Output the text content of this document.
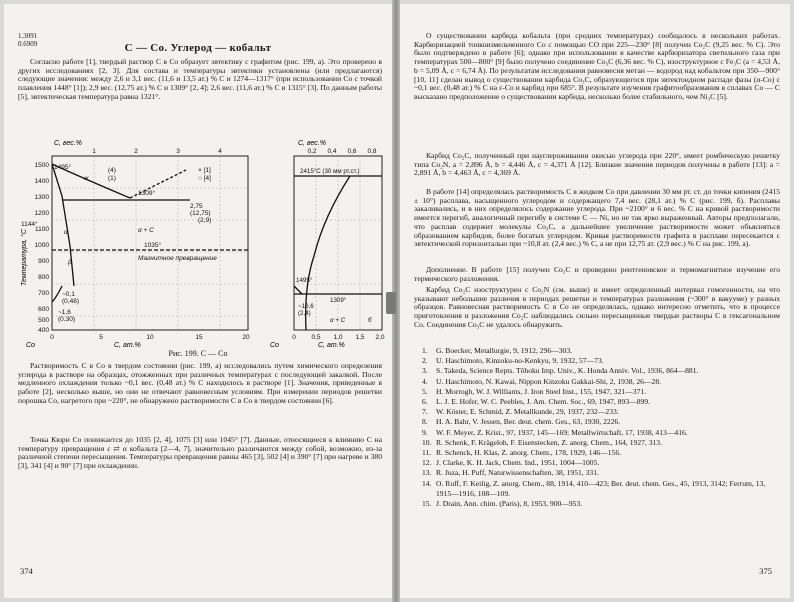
1.3091
0.6909	С — Со. Углерод — кобальт

Согласно работе [1], твердый раствор С в Со образует эвтектику с графитом (рис. 199, а). Это проверено в других исследованиях [2, 3]. Для состава и температуры эвтектики установлены (или предлагаются) следующие значения: между 2,6 и 3,1 вес. (11,6 и 13,5 ат.) % С и 1274—1317° (при использовании Со с точкой плавления 1448° [1]); 2,9 вес. (12,75 ат.) % С и 1309° [2, 4]; 2,6 вес. (11,6 ат.) % С и 1315° [3]. По данным работы [5], эвтектическая температура равна 1321°.

1500
1400
1300
1200
1100
1000
900
800
700
600
500
400
0	5	10	15	20
1	2	3	4
С, вес.%
С, ат.%
Со
Температура, °С
1495°
1309°
1144°
1035°
Магнитное превращение
2,75
(12,75)
(2,9)
α	α + C
~0,1
(0,48)
~1,6
(0,30)
(4)
(1)
β
ж
× [1]
○ [4]
0 0,5 1,0 1,5 2,0
0,2 0,4 0,6 0,8
С, вес.%
С, ат.%
Со
2415°С (30 мм рт.ст.)
1495°
1309°
~10,6
(2,4)
α + C	б
Рис. 199. С — Со

Растворимость С в Со в твердом состоянии (рис. 199, а) исследовались путем химического определения углерода в растворе на образцах, отожженных при различных температурах с последующей закалкой. После медленного охлаждения только ~0,1 вес. (0,48 ат.) % С находилось в растворе [1]. Значения, приведенные в работе [2], несколько выше, но они не отвечают равновесным условиям. При измерении периодов решетки порошка Со, нагретого при ~220°, не обнаружено растворимости С в Со в твердом состоянии [6].

Точка Кюри Со понижается до 1035 [2, 4], 1075 [3] или 1045° [7]. Данные, относящиеся к влиянию С на температуру превращения ε ⇄ α кобальта [2—4, 7], значительно различаются между собой, возможно, из-за различной степени пересыщения. Температуры превращения равны 465 [3], 502 [4] и 390° [7] при нагреве и 380 [3], 341 [4] и 90° [7] при охлаждении.

374

О существовании карбида кобальта (при средних температурах) сообщалось в нескольких работах. Карбюризацией тонкоизмельченного Со с помощью СО при 225—230° [8] получен Co₂C (9,25 вес. % С). Это было подтверждено в работе [6]; однако при использовании в качестве карбюризатора светильного газа при температурах 500—800° [9] было получено соединение Co₃C (6,36 вес. % С), изоструктурное с Fe₃C (a = 4,53 Å, b = 5,09 Å, c = 6,74 Å). По результатам исследования равновесия метан — водород над кобальтом при 350—900° [10, 11] сделан вывод о существовании карбида Co₃C, образующегося при эвтектоидном распаде фазы (α-Со) с ~0,1 вес. (0,48 ат.) % С на ε-Со и карбид при 685°. В результате изучения графитообразования в сплавах Со — С высказано предположение о существовании карбида, несколько более стабильного, чем Ni₃C [5].

Карбид Co₂C, полученный при науглероживании окисью углерода при 220°, имеет ромбическую решетку типа Co₂N, a = 2,896 Å, b = 4,446 Å, c = 4,371 Å [12]. Близкие значения периодов получены в работе [13]: a = 2,891 Å, b = 4,463 Å, c = 4,369 Å.

В работе [14] определялась растворимость С в жидком Со при давлении 30 мм рт. ст. до точки кипения (2415 ± 10°) расплава, насыщенного углеродом и содержащего 7,4 вес. (28,1 ат.) % С (рис. 199, б). Расплавы закаливались, и в них определялось содержание углерода. При ~2100° и 6 вес. % С на кривой растворимости имеется перегиб, аналогичный перегибу в системе С — Ni, но не так ярко выраженный. Авторы предполагали, что расплав содержит молекулы Co₃C, а дальнейшее увеличение растворимости может объясняться образованием карбидов, более богатых углеродом. Кривая растворимости графита в расплаве пересекается с эвтектической горизонталью при ~10,8 ат. (2,4 вес.) % С, а не при 12,75 ат. (2,9 вес.) % С на рис. 199, а).

Дополнение. В работе [15] получен Co₂C и проведено рентгеновское и термомагнитное изучение его термического разложения.

Карбид Co₂C изоструктурен с Co₂N (см. выше) и имеет определенный интервал гомогенности, на что указывают небольшие различия в периодах решетки и температурах разложения (~300° в вакууме) у разных образцов. Равновесная растворимость С в Со не определялась, однако интересно отметить, что в процессе приготовления и разложения Co₂C наблюдались сильно пересыщенные твердые растворы С в гексагональном Со. Соединения Co₃C не удалось обнаружить.

1. G. Boecker, Metallurgie, 9, 1912, 296—303.
2. U. Haschimoto, Kinzoku-no-Kenkyu, 9, 1932, 57—73.
3. S. Takeda, Science Repts. Tôhoku Imp. Univ., K. Honda Anniv. Vol., 1936, 864—881.
4. U. Haschimoto, N. Kawai, Nippon Kinzoku Gakkai-Shi, 2, 1938, 26—28.
5. H. Morrogh, W. J. Williams, J. Iron Steel Inst., 155, 1947, 321—371.
6. L. J. E. Hofer, W. C. Peebles, J. Am. Chem. Soc., 69, 1947, 893—899.
7. W. Köster, E. Schmid, Z. Metallkunde, 29, 1937, 232—233.
8. H. A. Bahr, V. Jessen, Ber. deut. chem. Ges., 63, 1930, 2226.
9. W. F. Meyer, Z. Krist., 97, 1937, 145—169; Metallwirtschaft, 17, 1938, 413—416.
10. R. Schenk, F. Krägeloh, F. Eisenstecken, Z. anorg. Chem., 164, 1927, 313.
11. R. Schenck, H. Klas, Z. anorg. Chem., 178, 1929, 146—156.
12. J. Clarke, K. H. Jack, Chem. Ind., 1951, 1004—1005.
13. R. Juza, H. Puff, Naturwissenschaften, 38, 1951, 331.
14. O. Ruff, F. Keilig, Z. anorg. Chem., 88, 1914, 410—423; Ber. deut. chem. Ges., 45, 1913, 3142; Ferrum, 13, 1915—1916, 108—109.
15. J. Drain, Ann. chim. (Paris), 8, 1953, 900—953.
375
